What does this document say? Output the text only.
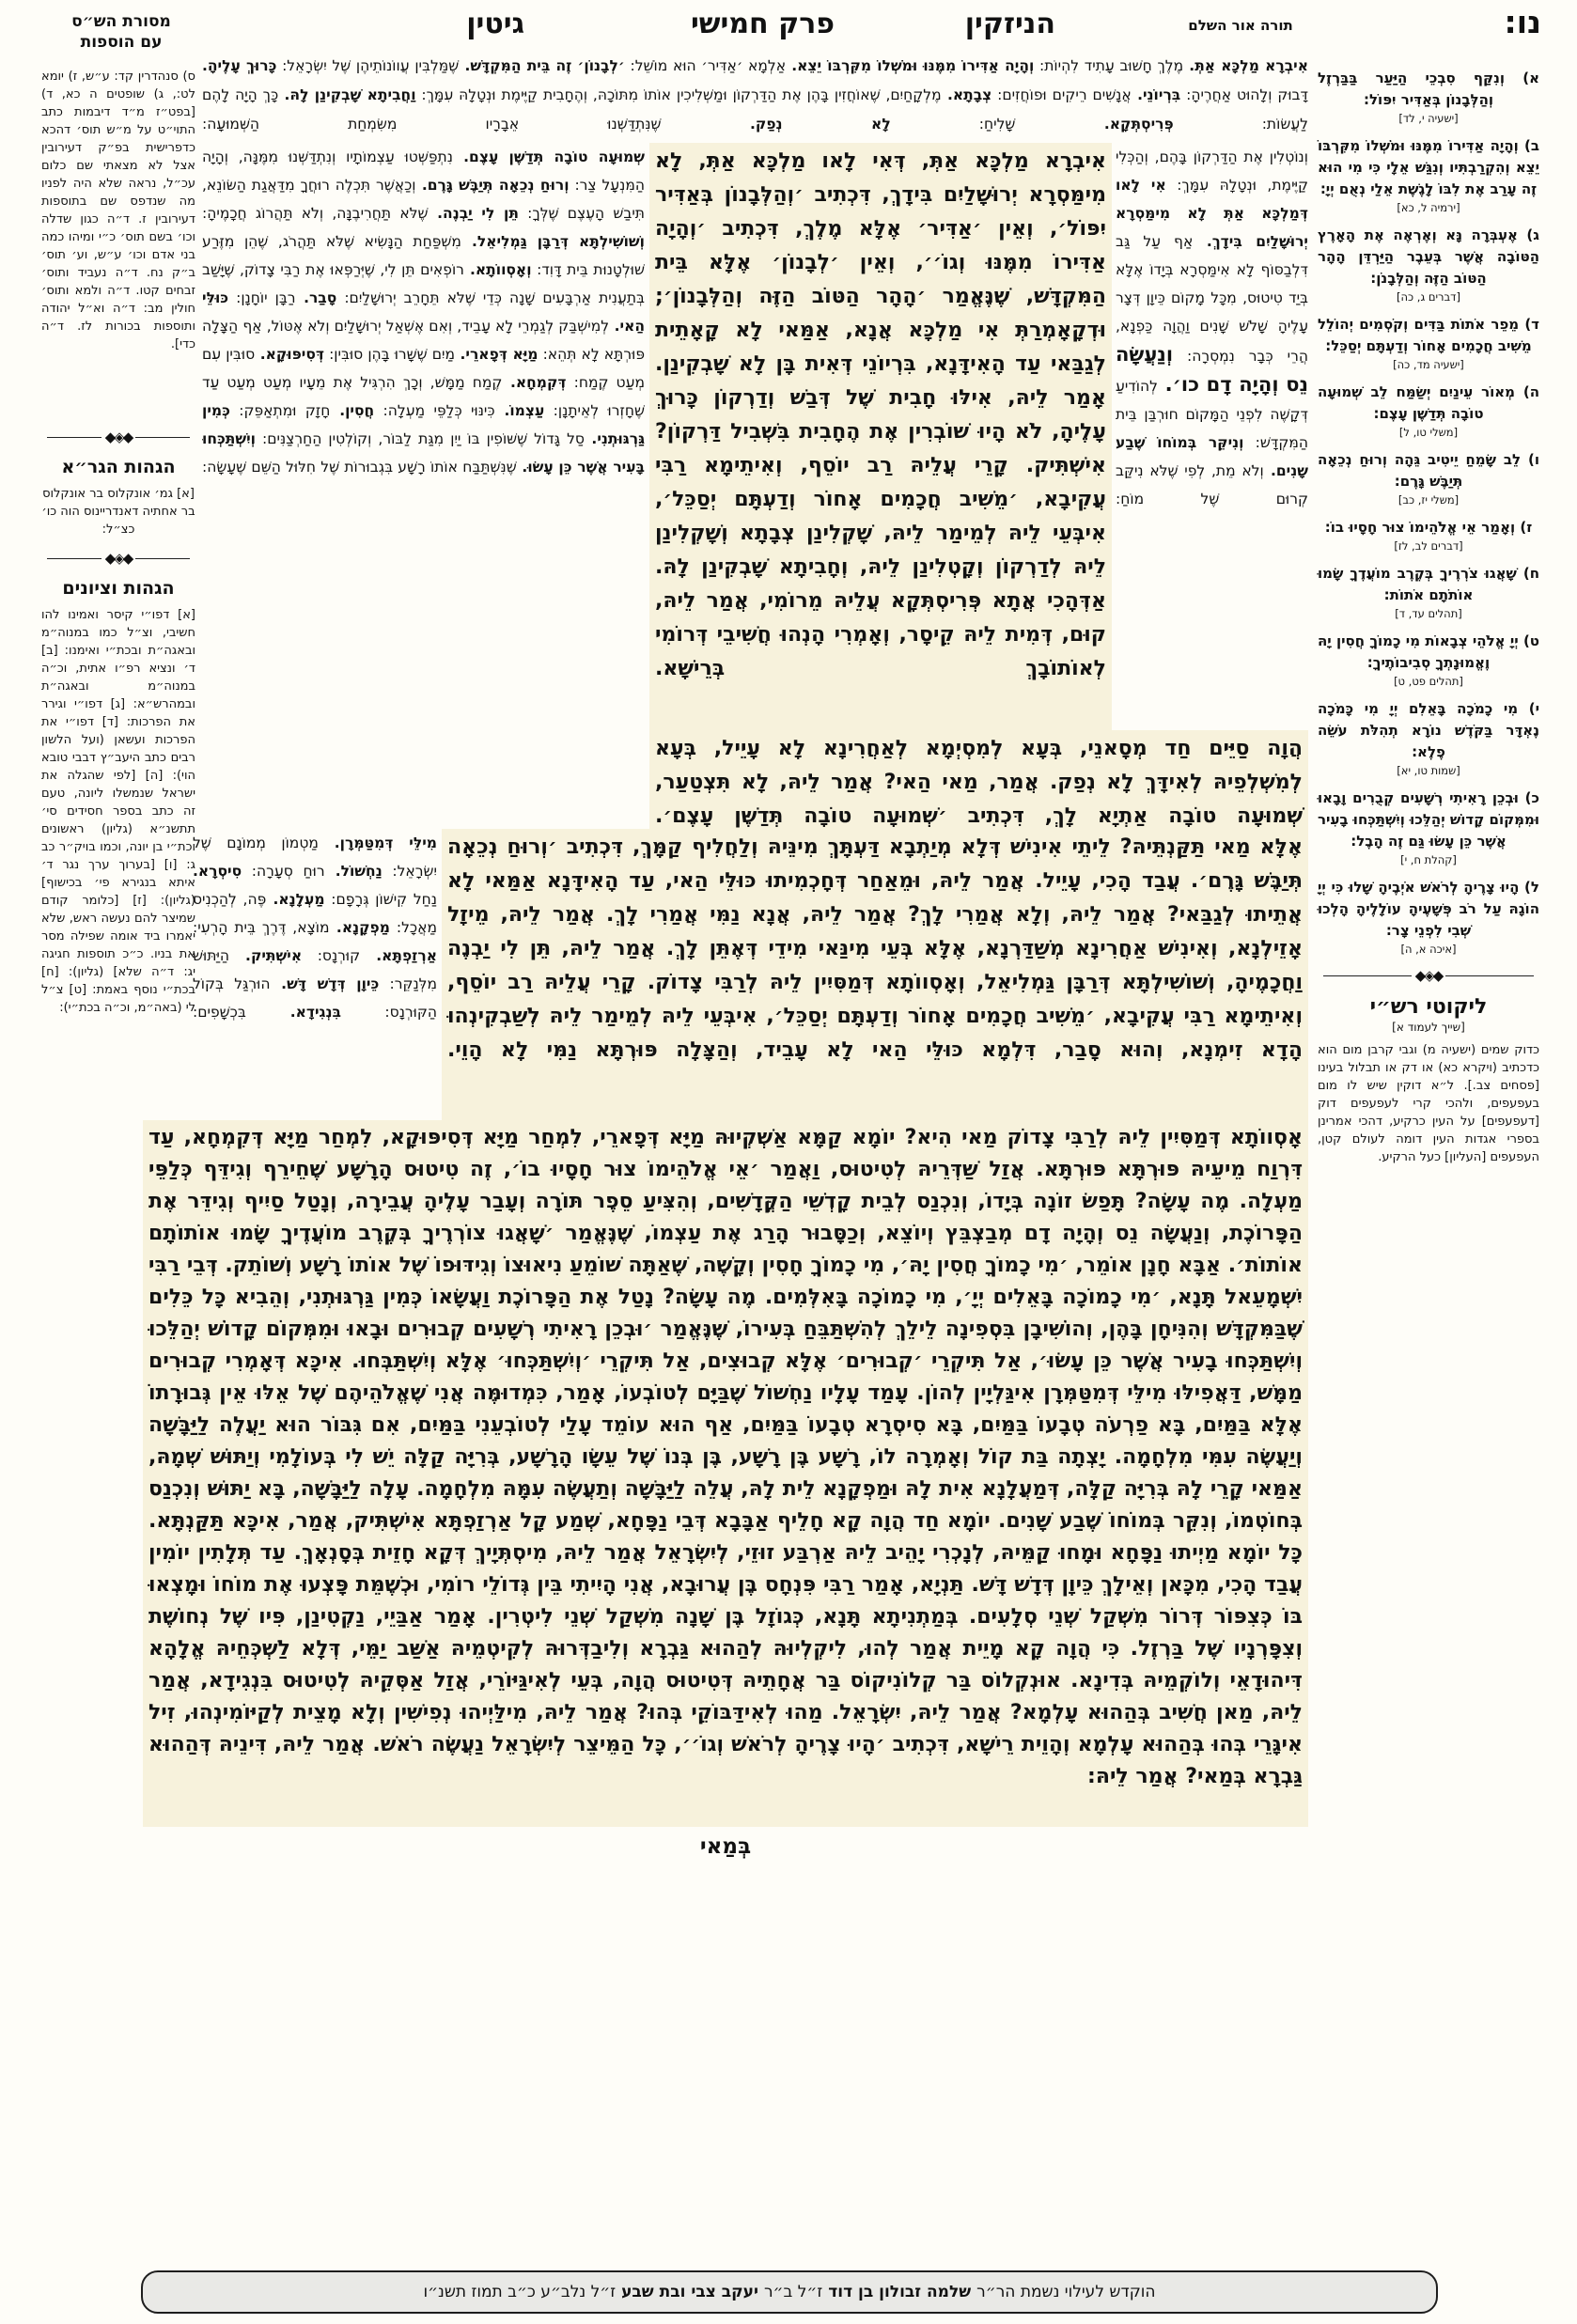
נו:
תורה אור השלם
הניזקין
פרק חמישי
גיטין
מסורת הש״ס
עם הוספות
ס) סנהדרין קד: ע״ש, ז) יומא לט:, ג) שופטים ה כא, ד) [בפט״ז מ״ד דיבמות כתב התוי״ט על מ״ש תוס׳ דהכא כדפרישית בפ״ק דעירובין אצל לא מצאתי שם כלום עכ״ל, נראה שלא היה לפניו מה שנדפס שם בתוספות דעירובין ז. ד״ה כגון שדלה וכו׳ בשם תוס׳ כ״י ומיהו כמה בני אדם וכו׳ ע״ש, וע׳ תוס׳ ב״ק נח. ד״ה נעביד ותוס׳ זבחים קטו. ד״ה ולמא ותוס׳ חולין מב: ד״ה וא״ל יהודה ותוספות בכורות לז. ד״ה כדי].
◆◈◆
הגהות הגר״א
[א] גמ׳ אונקלוס בר אונקלוס בר אחתיה דאנדריינוס הוה כו׳ כצ״ל:
◆◈◆
הגהות וציונים
[א] דפו״י קיסר ואמינו להו חשיבי, וצ״ל כמו במנוה״מ ובאגה״ת ובכת״י ואימנו: [ב] ד׳ ונציא רפ״ו אתית, וכ״ה במנוה״מ ובאגה״ת ובמהרש״א: [ג] דפו״י וגירר את הפרכות: [ד] דפו״י את הפרכות ועשאן (ועל הלשון רבים כתב היעב״ץ דבבי טובא הוי): [ה] [לפי שהגלה את ישראל שנמשלו ליונה, טעם זה כתב בספר חסידים סי׳ תתשנ״א (גליון) ראשונים וכת״י בן יונה, וכמו בויק״ר כב ג: [ו] [בערוך ערך נגר ד׳ איתא בנגירא פי׳ בכישוף] (גליון): [ז] [כלומר קודם שמיצר להם נעשה ראש, שלא יאמרו ביד אומה שפילה מסר את בניו. כ״כ תוספות חגיגה יג: ד״ה שלא] (גליון): [ח] בכת״י נוסף באמת: [ט] צ״ל לי (באה״מ, וכ״ה בכת״י):
א) וְנִקַּף סִבְכֵי הַיַּעַר בַּבַּרְזֶל וְהַלְּבָנוֹן בְּאַדִּיר יִפּוֹל:
[ישעיה י, לד]
ב) וְהָיָה אַדִּירוֹ מִמֶּנּוּ וּמֹשְׁלוֹ מִקִּרְבּוֹ יֵצֵא וְהִקְרַבְתִּיו וְנִגַּשׁ אֵלָי כִּי מִי הוּא זֶה עָרַב אֶת לִבּוֹ לָגֶשֶׁת אֵלַי נְאֻם יְיָ:
[ירמיה ל, כא]
ג) אֶעְבְּרָה נָּא וְאֶרְאֶה אֶת הָאָרֶץ הַטּוֹבָה אֲשֶׁר בְּעֵבֶר הַיַּרְדֵּן הָהָר הַטּוֹב הַזֶּה וְהַלְּבָנֹן:
[דברים ג, כה]
ד) מֵפֵר אֹתוֹת בַּדִּים וְקֹסְמִים יְהוֹלֵל מֵשִׁיב חֲכָמִים אָחוֹר וְדַעְתָּם יְסַכֵּל:
[ישעיה מד, כה]
ה) מְאוֹר עֵינַיִם יְשַׂמַּח לֵב שְׁמוּעָה טוֹבָה תְּדַשֶּׁן עָצֶם:
[משלי טו, ל]
ו) לֵב שָׂמֵחַ יֵיטִיב גֵּהָה וְרוּחַ נְכֵאָה תְּיַבֶּשׁ גָּרֶם:
[משלי יז, כב]
ז) וְאָמַר אֵי אֱלֹהֵימוֹ צוּר חָסָיוּ בוֹ:
[דברים לב, לז]
ח) שָׁאֲגוּ צֹרְרֶיךָ בְּקֶרֶב מוֹעֲדֶךָ שָׂמוּ אוֹתֹתָם אֹתוֹת:
[תהלים עד, ד]
ט) יְיָ אֱלֹהֵי צְבָאוֹת מִי כָמוֹךָ חֲסִין יָהּ וֶאֱמוּנָתְךָ סְבִיבוֹתֶיךָ:
[תהלים פט, ט]
י) מִי כָמֹכָה בָּאֵלִם יְיָ מִי כָּמֹכָה נֶאְדָּר בַּקֹּדֶשׁ נוֹרָא תְהִלֹּת עֹשֵׂה פֶלֶא:
[שמות טו, יא]
כ) וּבְכֵן רָאִיתִי רְשָׁעִים קְבֻרִים וָבָאוּ וּמִמְּקוֹם קָדוֹשׁ יְהַלֵּכוּ וְיִשְׁתַּכְּחוּ בָעִיר אֲשֶׁר כֵּן עָשׂוּ גַּם זֶה הָבֶל:
[קהלת ח, י]
ל) הָיוּ צָרֶיהָ לְרֹאשׁ אֹיְבֶיהָ שָׁלוּ כִּי יְיָ הוֹגָהּ עַל רֹב פְּשָׁעֶיהָ עוֹלָלֶיהָ הָלְכוּ שְׁבִי לִפְנֵי צָר:
[איכה א, ה]
◆◈◆
ליקוטי רש״י
[שייך לעמוד א]
כדוק שמים (ישעיה מ) וגבי קרבן מום הוא כדכתיב (ויקרא כא) או דק או תבלול בעינו [פסחים צב.]. ל״א דוקין שיש לו מום בעפעפים, ולהכי קרי לעפעפים דוק [דעפעפים] על העין כרקיע, דהכי אמרינן בספרי אגדות העין דומה לעולם קטן, העפעפים [העליון] כעל הרקיע.
אִיבְרָא מַלְכָּא אַתְּ. מֶלֶךְ חָשׁוּב עָתִיד לִהְיוֹת: וְהָיָה אַדִּירוֹ מִמֶּנּוּ וּמֹשְׁלוֹ מִקִּרְבּוֹ יֵצֵא. אַלְמָא ׳אַדִּיר׳ הוּא מוֹשֵׁל: ׳לְבָנוֹן׳ זֶה בֵּית הַמִּקְדָּשׁ. שֶׁמַּלְבִּין עֲווֹנוֹתֵיהֶן שֶׁל יִשְׂרָאֵל: כָּרוּךְ עָלֶיהָ. דָּבוּק וְלָהוּט אַחֲרֶיהָ: בִּרְיוֹנֵי. אֲנָשִׁים רֵיקִים וּפוֹחֲזִים: צְבָתָא. מֶלְקָחַיִם, שֶׁאוֹחֲזִין בָּהֶן אֶת הַדַּרְקוֹן וּמַשְׁלִיכִין אוֹתוֹ מִתּוֹכָהּ, וְהֶחָבִית קַיֶּימֶת וּנְטָלָהּ עִמָּךְ: וַחֲבִיתָא שָׁבְקִינַן לָהּ. כָּךְ הָיָה לָהֶם לַעֲשׂוֹת: פְּרִיסְתְּקָא. שָׁלִיחַ: לָא נְפַק. שֶׁנִּתְדַּשְּׁנוּ אֵבָרָיו מִשִּׂמְחַת הַשְּׁמוּעָה:
שְׁמוּעָה טוֹבָה תְּדַשֶּׁן עָצֶם. נִתְפַּשְּׁטוּ עַצְמוֹתָיו וְנִתְדַּשְּׁנוּ מִמֶּנָּה, וְהָיָה הַמִּנְעָל צַר: וְרוּחַ נְכֵאָה תְּיַבֶּשׁ גָּרֶם. וְכַאֲשֶׁר תִּכְלֶה רוּחֲךָ מִדַּאֲגַת הַשּׂוֹנֵא, תִּיבַשׁ הָעֶצֶם שֶׁלְּךָ: תֵּן לִי יַבְנֶה. שֶׁלֹּא תַּחֲרִיבֶנָּה, וְלֹא תַּהֲרוֹג חֲכָמֶיהָ: וְשׁוֹשִׁילְתָּא דְּרַבָּן גַּמְלִיאֵל. מִשְׁפַּחַת הַנָּשִׂיא שֶׁלֹּא תַּהֲרֹג, שֶׁהֵן מִזֶּרַע שׁוּלְטָנוּת בֵּית דָּוִד: וְאָסְווֹתָא. רוֹפְאִים תֵּן לִי, שֶׁיְּרַפְּאוּ אֶת רַבִּי צָדוֹק, שֶׁיָּשַׁב בְּתַעֲנִית אַרְבָּעִים שָׁנָה כְּדֵי שֶׁלֹּא תֵּחָרֵב יְרוּשָׁלַיִם: סָבַר. רַבָּן יוֹחָנָן: כּוּלֵּי הַאי. לְמִישְׁבַּק לְגַמְרֵי לָא עָבֵיד, וְאִם אֶשְׁאַל יְרוּשָׁלַיִם וְלֹא אֶטּוֹל, אַף הַצָּלָה פּוּרְתָּא לָא תְּהֵא: מַיָּא דְּפָארֵי. מַיִם שֶׁשָּׁרוּ בָּהֶן סוּבִּין: דְּסִיפּוּקָא. סוּבִּין עִם מְעַט קֶמַח: דְּקִמְחָא. קֶמַח מַמָּשׁ, וְכָךְ הִרְגִּיל אֶת מֵעָיו מְעַט מְעַט עַד שֶׁחָזְרוּ לְאֵיתָנָן: עַצְמוֹ. כִּינּוּי כְּלַפֵּי מַעְלָה: חֲסִין. חָזָק וּמִתְאַפֵּק: כְּמִין גַּרְגּוּתְנִי. סַל גָּדוֹל שֶׁשּׁוֹפִין בּוֹ יַיִן מִגַּת לַבּוֹר, וְקוֹלְטִין הַחַרְצַנִּים: וְיִשְׁתַּכְּחוּ בָּעִיר אֲשֶׁר כֵּן עָשׂוּ. שֶׁנִּשְׁתַּבַּח אוֹתוֹ רָשָׁע בִּגְבוּרוֹת שֶׁל חִלּוּל הַשֵּׁם שֶׁעָשָׂה:
מִילֵּי דְּמִטַּמְּרָן. מַטְמוֹן מְמוֹנָם שֶׁל יִשְׂרָאֵל: נַחְשׁוֹל. רוּחַ סְעָרָה: סִיסְרָא. נַחַל קִישׁוֹן גְּרָפָם: מַעְלָנָא. פֶּה, לְהַכְנִיס מַאֲכָל: מַפְקָנָא. מוֹצָא, דֶּרֶךְ בֵּית הָרְעִי: אַרְזַפְתָּא. קוּרְנָס: אִישְׁתִּיק. הַיַּתּוּשׁ מִלְּנַקֵּר: כֵּיוָן דְּדָשׁ דָּשׁ. הוּרְגַּל בְּקוֹל הַקּוּרְנָס: בִּנְגִידָא. בִּכְשָׁפִים:
וְנוֹטְלִין אֶת הַדַּרְקוֹן בָּהֶם, וְהַכְּלִי קַיֶּימֶת, וּנְטָלָהּ עִמָּךְ: אִי לָאו דְּמַלְכָּא אַתְּ לָא מִימַּסְרָא יְרוּשָׁלַיִם בִּידָךְ. אַף עַל גַּב דִּלְבַסּוֹף לָא אִימַּסְרָא בְּיָדוֹ אֶלָּא בְּיַד טִיטוּס, מִכָּל מָקוֹם כֵּיוָן דְּצָר עָלֶיהָ שָׁלֹשׁ שָׁנִים וַהֲוָה כַּפְנָא, הֲרֵי כְּבָר נִמְסְרָה: וְנַעֲשָׂה נֵס וְהָיָה דָם כו׳. לְהוֹדִיעַ דְּקָשֶׁה לִפְנֵי הַמָּקוֹם חוּרְבַּן בֵּית הַמִּקְדָּשׁ: וְנִיקֵּר בְּמוֹחוֹ שֶׁבַע שָׁנִים. וְלֹא מֵת, לְפִי שֶׁלֹּא נִיקַּב קְרוּם שֶׁל מוֹחַ:
אִיבְרָא מַלְכָּא אַתְּ, דְּאִי לָאו מַלְכָּא אַתְּ, לָא מִימַּסְרָא יְרוּשָׁלַיִם בִּידָךְ, דִּכְתִיב ׳וְהַלְּבָנוֹן בְּאַדִּיר יִפּוֹל׳, וְאֵין ׳אַדִּיר׳ אֶלָּא מֶלֶךְ, דִּכְתִיב ׳וְהָיָה אַדִּירוֹ מִמֶּנּוּ וְגוֹ׳׳, וְאֵין ׳לְבָנוֹן׳ אֶלָּא בֵּית הַמִּקְדָּשׁ, שֶׁנֶּאֱמַר ׳הָהָר הַטּוֹב הַזֶּה וְהַלְּבָנוֹן׳; וּדְקָאָמְרַתְּ אִי מַלְכָּא אֲנָא, אַמַּאי לָא קָאָתֵית לְגַבַּאי עַד הָאִידָּנָא, בִּרְיוֹנֵי דְּאִית בָּן לָא שָׁבְקִינַן. אָמַר לֵיהּ, אִילּוּ חָבִית שֶׁל דְּבַשׁ וְדַרְקוֹן כָּרוּךְ עָלֶיהָ, לֹא הָיוּ שׁוֹבְרִין אֶת הֶחָבִית בִּשְׁבִיל דַּרְקוֹן? אִישְׁתִּיק. קָרֵי עֲלֵיהּ רַב יוֹסֵף, וְאִיתֵימָא רַבִּי עֲקִיבָא, ׳מֵשִׁיב חֲכָמִים אָחוֹר וְדַעְתָּם יְסַכֵּל׳, אִיבְּעֵי לֵיהּ לְמֵימַר לֵיהּ, שָׁקְלִינַן צְבָתָא וְשָׁקְלִינַן לֵיהּ לְדַרְקוֹן וְקָטְלִינַן לֵיהּ, וְחָבִיתָא שָׁבְקִינַן לָהּ. אַדְּהָכִי אֲתָא פְּרִיסְתְּקָא עֲלֵיהּ מֵרוֹמִי, אֲמַר לֵיהּ, קוּם, דְּמִית לֵיהּ קֵיסָר, וְאָמְרִי הָנְהוּ חֲשִׁיבֵי דְּרוֹמִי לְאוֹתוֹבָךְ בְּרֵישָׁא.
הֲוָה סַיֵּים חַד מְסָאנֵי, בְּעָא לְמִסְיְמָא לְאַחֲרִינָא לָא עָיֵיל, בְּעָא לְמִשְׁלְפֵיהּ לְאִידָּךְ לָא נְפַק. אֲמַר, מַאי הַאי? אֲמַר לֵיהּ, לָא תִּצְטַעַר, שְׁמוּעָה טוֹבָה אַתְיָא לָךְ, דִּכְתִיב ׳שְׁמוּעָה טוֹבָה תְּדַשֶּׁן עָצֶם׳.
אֶלָּא מַאי תַּקַּנְתֵּיהּ? לֵיתֵי אִינִישׁ דְּלָא מְיַתְבָא דַּעְתָּךְ מִינֵּיהּ וְלַחֲלִיף קַמָּךְ, דִּכְתִיב ׳וְרוּחַ נְכֵאָה תְּיַבֶּשׁ גָּרֶם׳. עֲבַד הָכִי, עָיֵיל. אֲמַר לֵיהּ, וּמֵאַחַר דְּחָכְמִיתוּ כּוּלֵּי הַאי, עַד הָאִידָּנָא אַמַּאי לָא אֲתֵיתוּ לְגַבַּאי? אֲמַר לֵיהּ, וְלָא אֲמַרִי לָךְ? אֲמַר לֵיהּ, אֲנָא נַמִּי אֲמַרִי לָךְ. אֲמַר לֵיהּ, מֵיזָל אָזֵילְנָא, וְאִינִישׁ אַחֲרִינָא מְשַׁדַּרְנָא, אֶלָּא בְּעֵי מִינַּאי מִידֵי דְּאֶתֵּן לָךְ. אֲמַר לֵיהּ, תֵּן לִי יַבְנֶה וַחֲכָמֶיהָ, וְשׁוֹשִׁילְתָּא דְּרַבָּן גַּמְלִיאֵל, וְאָסְווֹתָא דְּמַסִּיִין לֵיהּ לְרַבִּי צָדוֹק. קָרֵי עֲלֵיהּ רַב יוֹסֵף, וְאִיתֵימָא רַבִּי עֲקִיבָא, ׳מֵשִׁיב חֲכָמִים אָחוֹר וְדַעְתָּם יְסַכֵּל׳, אִיבְּעֵי לֵיהּ לְמֵימַר לֵיהּ לְשַׁבְקִינְהוּ הָדָא זִימְנָא, וְהוּא סָבַר, דִּלְמָא כּוּלֵּי הַאי לָא עָבֵיד, וְהַצָּלָה פּוּרְתָּא נַמִּי לָא הָוֵי.
אָסְווֹתָא דְּמַסִּיִין לֵיהּ לְרַבִּי צָדוֹק מַאי הִיא? יוֹמָא קַמָּא אַשְׁקְיוּהּ מַיָּא דְּפָארֵי, לִמְחַר מַיָּא דְּסִיפּוּקָא, לִמְחַר מַיָּא דְּקִמְחָא, עַד דִּרְוַח מֵיעֵיהּ פּוּרְתָּא פּוּרְתָּא. אֲזַל שַׁדְּרֵיהּ לְטִיטוּס, וַאֲמַר ׳אֵי אֱלֹהֵימוֹ צוּר חָסָיוּ בוֹ׳, זֶה טִיטוּס הָרָשָׁע שֶׁחֵירֵף וְגִידֵּף כְּלַפֵּי מַעְלָה. מֶה עָשָׂה? תָּפַשׂ זוֹנָה בְּיָדוֹ, וְנִכְנַס לְבֵית קָדְשֵׁי הַקֳּדָשִׁים, וְהִצִּיעַ סֵפֶר תּוֹרָה וְעָבַר עָלֶיהָ עֲבֵירָה, וְנָטַל סַיִיף וְגִידֵּר אֶת הַפָּרוֹכֶת, וְנַעֲשָׂה נֵס וְהָיָה דָם מְבַצְבֵּץ וְיוֹצֵא, וְכַסָּבוּר הָרַג אֶת עַצְמוֹ, שֶׁנֶּאֱמַר ׳שָׁאֲגוּ צוֹרְרֶיךָ בְּקֶרֶב מוֹעֲדֶיךָ שָׂמוּ אוֹתוֹתָם אוֹתוֹת׳. אַבָּא חָנָן אוֹמֵר, ׳מִי כָמוֹךָ חֲסִין יָהּ׳, מִי כָמוֹךָ חָסִין וְקָשֶׁה, שֶׁאַתָּה שׁוֹמֵעַ נִיאוּצוֹ וְגִידּוּפוֹ שֶׁל אוֹתוֹ רָשָׁע וְשׁוֹתֵק. דְּבֵי רַבִּי יִשְׁמָעֵאל תָּנָא, ׳מִי כָמוֹכָה בָּאֵלִים יְיָ׳, מִי כָמוֹכָה בָּאִלְּמִים. מֶה עָשָׂה? נָטַל אֶת הַפָּרוֹכֶת וַעֲשָׂאוֹ כְּמִין גַּרְגּוּתְנִי, וְהֵבִיא כָּל כֵּלִים שֶׁבַּמִּקְדָּשׁ וְהִנִּיחָן בָּהֶן, וְהוֹשִׁיבָן בִּסְפִינָה לֵילֵךְ לְהִשְׁתַּבֵּחַ בְּעִירוֹ, שֶׁנֶּאֱמַר ׳וּבְכֵן רָאִיתִי רְשָׁעִים קְבוּרִים וּבָאוּ וּמִמְּקוֹם קָדוֹשׁ יְהַלֵּכוּ וְיִשְׁתַּכְּחוּ בָעִיר אֲשֶׁר כֵּן עָשׂוּ׳, אַל תִּיקְרֵי ׳קְבוּרִים׳ אֶלָּא קְבוּצִים, אַל תִּיקְרֵי ׳וְיִשְׁתַּכְּחוּ׳ אֶלָּא וְיִשְׁתַּבְּחוּ. אִיכָּא דְּאָמְרִי קְבוּרִים מַמָּשׁ, דַּאֲפִילּוּ מִילֵּי דְּמִטַּמְּרָן אִיגַּלְיָין לְהוֹן. עָמַד עָלָיו נַחְשׁוֹל שֶׁבַּיָּם לְטוֹבְעוֹ, אָמַר, כִּמְדוּמֶּה אֲנִי שֶׁאֱלֹהֵיהֶם שֶׁל אֵלּוּ אֵין גְּבוּרָתוֹ אֶלָּא בַּמַּיִם, בָּא פַרְעֹה טְבָעוֹ בַּמַּיִם, בָּא סִיסְרָא טְבָעוֹ בַּמַּיִם, אַף הוּא עוֹמֵד עָלַי לְטוֹבְעֵנִי בַּמַּיִם, אִם גִּבּוֹר הוּא יַעֲלֶה לַיַּבָּשָׁה וְיַעֲשֶׂה עִמִּי מִלְחָמָה. יָצְתָה בַּת קוֹל וְאָמְרָה לוֹ, רָשָׁע בֶּן רָשָׁע, בֶּן בְּנוֹ שֶׁל עֵשָׂו הָרָשָׁע, בְּרִיָּה קַלָּה יֵשׁ לִי בְּעוֹלָמִי וְיַתּוּשׁ שְׁמָהּ, אַמַּאי קָרֵי לָהּ בְּרִיָּה קַלָּה, דְּמַעֲלָנָא אִית לָהּ וּמַפְקָנָא לֵית לָהּ, עֲלֵה לַיַּבָּשָׁה וְתַעֲשֶׂה עִמָּהּ מִלְחָמָה. עָלָה לַיַּבָּשָׁה, בָּא יַתּוּשׁ וְנִכְנַס בְּחוֹטְמוֹ, וְנִקֵּר בְּמוֹחוֹ שֶׁבַע שָׁנִים. יוֹמָא חַד הֲוָה קָא חָלֵיף אַבָּבָא דְּבֵי נַפָּחָא, שְׁמַע קָל אַרְזַפְתָּא אִישְׁתִּיק, אֲמַר, אִיכָּא תַּקַּנְתָּא. כָּל יוֹמָא מַיְיתוּ נַפָּחָא וּמָחוּ קַמֵּיהּ, לְנָכְרִי יָהֵיב לֵיהּ אַרְבַּע זוּזֵי, לְיִשְׂרָאֵל אֲמַר לֵיהּ, מִיסְתְּיָיךְ דְּקָא חָזֵית בְּסָנְאָךְ. עַד תְּלָתִין יוֹמִין עֲבַד הָכִי, מִכָּאן וְאֵילָךְ כֵּיוָן דְּדָשׁ דָּשׁ. תַּנְיָא, אָמַר רַבִּי פִּנְחָס בֶּן עֲרוּבָא, אֲנִי הָיִיתִי בֵּין גְּדוֹלֵי רוֹמִי, וּכְשֶׁמֵּת פָּצְעוּ אֶת מוֹחוֹ וּמָצְאוּ בּוֹ כְּצִפּוֹר דְּרוֹר מִשְׁקַל שְׁנֵי סְלָעִים. בְּמַתְנִיתָא תָּנָא, כְּגוֹזָל בֶּן שָׁנָה מִשְׁקַל שְׁנֵי לִיטְרִין. אָמַר אַבַּיֵי, נַקְטִינַן, פִּיו שֶׁל נְחוֹשֶׁת וְצִפָּרְנָיו שֶׁל בַּרְזֶל. כִּי הֲוָה קָא מָיֵית אֲמַר לְהוּ, לִיקְלְיוּהּ לְהַהוּא גַּבְרָא וְלִיבַדְּרוּהּ לְקִיטְמֵיהּ אַשַּׁב יַמֵּי, דְּלָא לַשְׁכְּחֵיהּ אֱלָהָא דִּיהוּדָאֵי וְלוֹקְמֵיהּ בְּדִינָא. אוּנְקְלוֹס בַּר קְלוֹנִיקוֹס בַּר אֲחָתֵיהּ דְּטִיטוּס הֲוָה, בְּעֵי לְאִיגַּיּוֹרֵי, אֲזַל אַסְּקֵיהּ לְטִיטוּס בִּנְגִידָא, אֲמַר לֵיהּ, מַאן חֲשִׁיב בְּהַהוּא עָלְמָא? אֲמַר לֵיהּ, יִשְׂרָאֵל. מַהוּ לְאִידַּבּוֹקֵי בְּהוּ? אֲמַר לֵיהּ, מִילַּיְיהוּ נְפִישִׁין וְלָא מָצֵית לְקַיּוֹמִינְהוּ, זִיל אִיגָּרֵי בְּהוּ בְּהַהוּא עָלְמָא וְהָוֵית רֵישָׁא, דִּכְתִיב ׳הָיוּ צָרֶיהָ לְרֹאשׁ וְגוֹ׳׳, כָּל הַמֵּיצֵר לְיִשְׂרָאֵל נַעֲשֶׂה רֹאשׁ. אֲמַר לֵיהּ, דִּינֵיהּ דְּהַהוּא גַּבְרָא בְּמַאי? אֲמַר לֵיהּ:
בְּמַאי
הוקדש לעילוי נשמת הר״ר
שלמה זבולון בן דוד
ז״ל ב״ר
יעקב צבי ובת שבע
ז״ל נלב״ע כ״ב תמוז תשנ״ו
